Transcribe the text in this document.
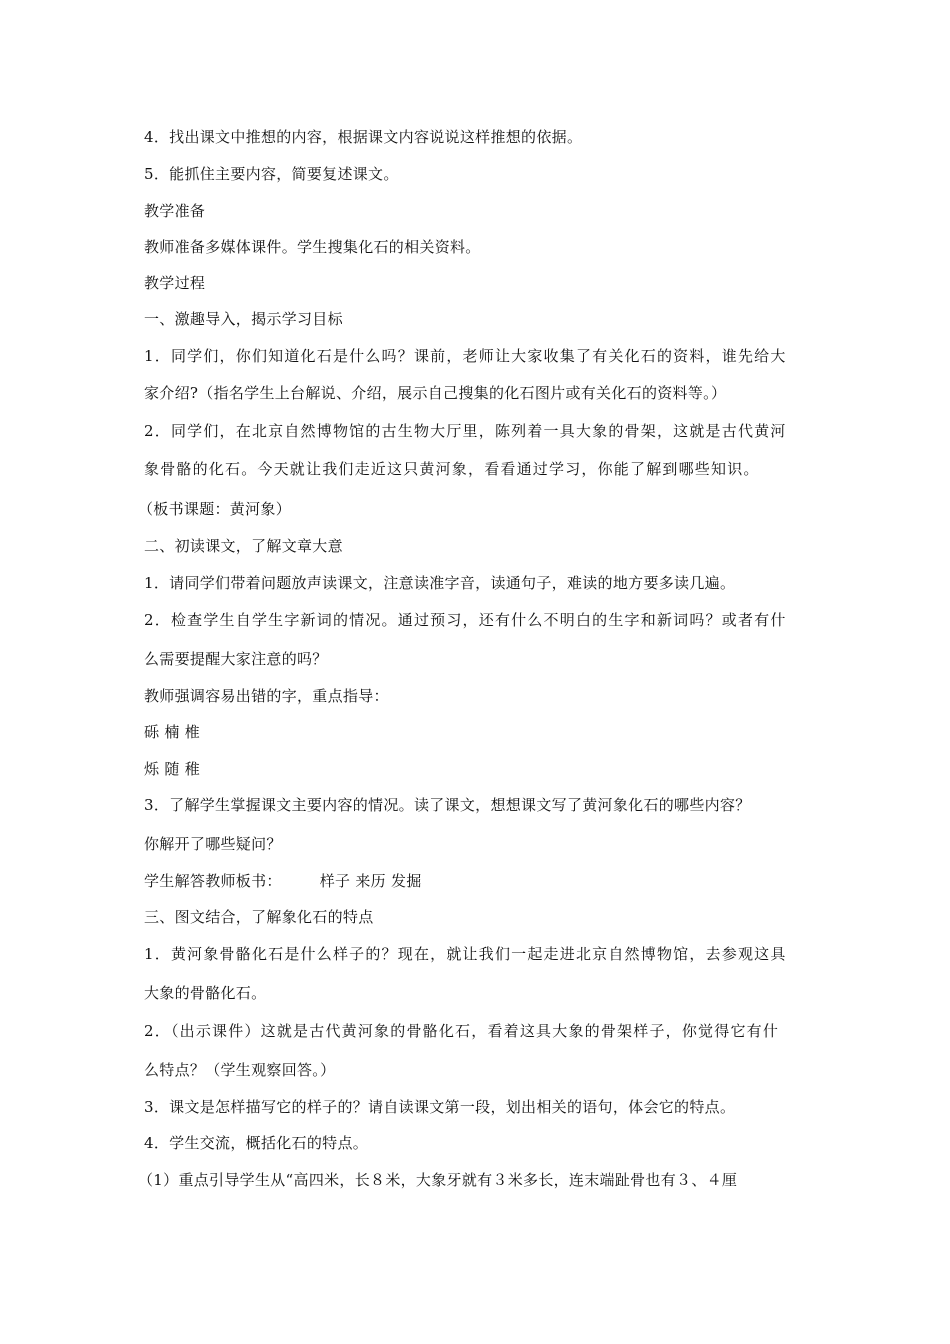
4．找出课文中推想的内容，根据课文内容说说这样推想的依据。
5．能抓住主要内容，简要复述课文。
教学准备
教师准备多媒体课件。学生搜集化石的相关资料。
教学过程
一、激趣导入，揭示学习目标
1．同学们，你们知道化石是什么吗？课前，老师让大家收集了有关化石的资料，谁先给大
家介绍?（指名学生上台解说、介绍，展示自己搜集的化石图片或有关化石的资料等。）
2．同学们，在北京自然博物馆的古生物大厅里，陈列着一具大象的骨架，这就是古代黄河
象骨骼的化石。今天就让我们走近这只黄河象，看看通过学习，你能了解到哪些知识。
（板书课题：黄河象）
二、初读课文，了解文章大意
1．请同学们带着问题放声读课文，注意读准字音，读通句子，难读的地方要多读几遍。
2．检查学生自学生字新词的情况。通过预习，还有什么不明白的生字和新词吗？或者有什
么需要提醒大家注意的吗？
教师强调容易出错的字，重点指导：
砾 楠 椎
烁 随 稚
3．了解学生掌握课文主要内容的情况。读了课文，想想课文写了黄河象化石的哪些内容？
你解开了哪些疑问？
学生解答教师板书：	样子 来历 发掘
三、图文结合，了解象化石的特点
1．黄河象骨骼化石是什么样子的？现在，就让我们一起走进北京自然博物馆，去参观这具
大象的骨骼化石。
2．（出示课件）这就是古代黄河象的骨骼化石，看着这具大象的骨架样子，你觉得它有什
么特点？（学生观察回答。）
3．课文是怎样描写它的样子的？请自读课文第一段，划出相关的语句，体会它的特点。
4．学生交流，概括化石的特点。
（1）重点引导学生从“高四米，长８米，大象牙就有３米多长，连末端趾骨也有３、４厘
